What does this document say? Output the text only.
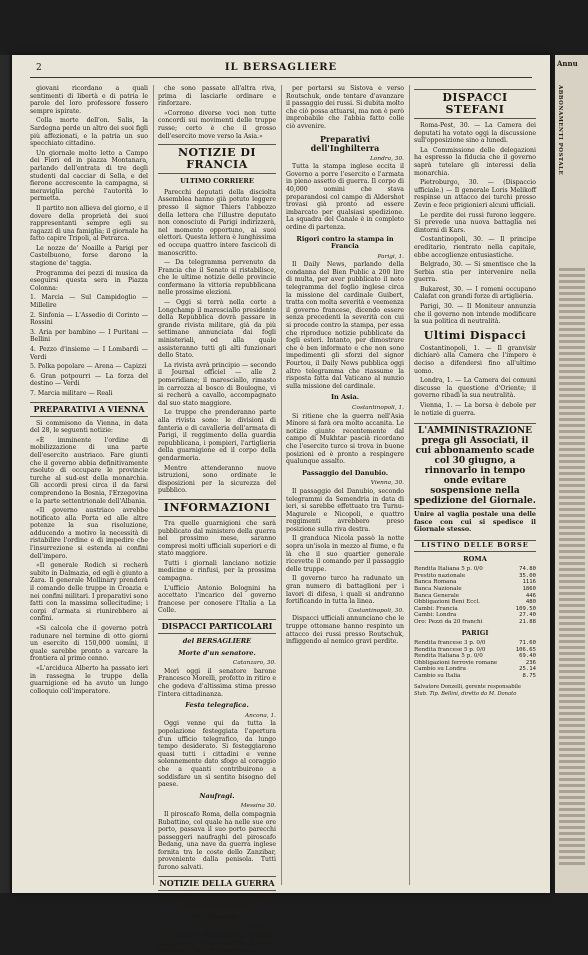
2	IL BERSAGLIERE

giovani ricordano a quali sentimenti di libertà e di patria le parole del loro professore fossero sempre ispirate.

Colla morte dell'on. Salis, la Sardegna perde un altro dei suoi figli più affezionati, e la patria un suo specchiato cittadino.

Un giornale molto letto a Campo dei Fiori ed in piazza Montanara, parlando dell'entrata di tre degli studenti dal cacciar di Sella, e del fierone accrescente la campagna, si meraviglia perchè l'autorità lo permetta.

Il partito non allieva del giorno, e il dovere della proprietà dei suoi rappresentanti sempre egli su ragazzi di una famiglia; il giornale ha fatto capire Tripoli, al Petrarca.

Le nozze de' Noaille a Parigi per Castelbuono, forse darono la stagione de' taggia.

Programma dei pezzi di musica da eseguirsi questa sera in Piazza Colonna:

1. Marcia — Sul Campidoglio — Millelire

2. Sinfonia — L'Assedio di Corinto — Rossini

3. Aria per bambino — I Puritani — Bellini

4. Pezzo d'insieme — I Lombardi — Verdi

5. Polka popolare — Arena — Capizzi

6. Gran potpourri — La forza del destino — Verdi

7. Marcia militare — Reali

PREPARATIVI A VIENNA

Si commisono da Vienna, in data del 28, le seguenti notizie:

«È imminente l'ordine di mobilizzazione di una parte dell'esercito austriaco. Fare giunti che il governo abbia definitivamente risoluto di occupare le provincie turche al sud-est della monarchia. Gli accordi presi circa il da farsi comprendono la Bosnia, l'Erzegovina e la parte settentrionale dell'Albania.

«Il governo austriaco avrebbe notificato alla Porta ed alle altre potenze la sua risoluzione, adducendo a motivo la necessità di ristabilire l'ordine e di impedire che l'insurrezione si estenda ai confini dell'impero.

«Il generale Rodich si recherà subito in Dalmazia, ed egli è giunto a Zara. Il generale Mollinary prenderà il comando delle truppe in Croazia e nei confini militari. I preparativi sono fatti con la massima sollecitudine; i corpi d'armata si riunirebbero ai confini.

«Si calcola che il governo potrà radunare nel termine di otto giorni un esercito di 150,000 uomini, il quale sarebbe pronto a varcare la frontiera al primo cenno.

«L'arciduca Alberto ha passato ieri in rassegna le truppe della guarnigione ed ha avuto un lungo colloquio coll'imperatore.

che sono passate all'altra riva, prima di lasciarle ordinare e rinforzare.

«Corrono diverse voci non tutte concordi sui movimenti delle truppe russe; certo è che il grosso dell'esercito move verso la Asia.»

NOTIZIE DI FRANCIA
ULTIMO CORRIERE

Parecchi deputati della disciolta Assemblea hanno già potuto leggere presso il signor Thiers l'abbozzo della lettera che l'illustre deputato non conosciuto di Parigi indirizzerà, nel momento opportuno, ai suoi elettori. Questa lettera è lunghissima ed occupa quattro intere fascicoli di manoscritto.

— Da telegramma pervenuto da Francia che il Senato si ristabilisce, che le ultime notizie delle provincie confermano la vittoria repubblicana nelle prossime elezioni.

— Oggi si terrà nella corte a Longchamp il maresciallo presidente della Repubblica dovrà passare in grande rivista militare, già da più settimane annunciata dai fogli ministeriali, ed alla quale assisteranno tutti gli alti funzionari dello Stato.

La rivista avrà principio — secondo il Journal officiel — alle 2 pomeridiane; il maresciallo, rimasto in carrozza al bosco di Boulogne, vi si recherà a cavallo, accompagnato dal suo stato maggiore.

Le truppe che prenderanno parte alla rivista sono: le divisioni di fanteria e di cavalleria dell'armata di Parigi, il reggimento della guardia repubblicana, i pompieri, l'artiglieria della guarnigione ed il corpo della gendarmeria.

Mentre attenderanno nuove istruzioni, sono ordinate le disposizioni per la sicurezza del pubblico.

INFORMAZIONI

Tra quelle guarnigioni che sarà pubblicato dal ministero della guerra nel prossimo mese, saranno compresi molti ufficiali superiori e di stato maggiore.

Tutti i giornali lanciano notizie medicine e rinfusi, per la prossima campagna.

L'ufficio Antonio Bolognini ha accettato l'incarico del governo francese per conosere l'Italia a La Colle.

DISPACCI PARTICOLARI
del BERSAGLIERE
Morte d'un senatore.

Catanzaro, 30.

Morì oggi il senatore barone Francesco Morelli, profetto in ritiro e che godeva d'altissima stima presso l'intera cittadinanza.

Festa telegrafica.

Ancona, 1.

Oggi venne qui da tutta la popolazione festeggiata l'apertura d'un ufficio telegrafico, da lungo tempo desiderato. Si festeggiarono quasi tutti i cittadini e venne solennemente dato sfogo al coraggio che a quanti contribuirono a soddisfare un sì sentito bisogno del paese.

Naufragi.

Messina 30.

Il piroscafo Roma, della compagnia Rubattino, col quale ha nelle sue ore porto, passava il suo porto parecchi passeggeri naufraghi del piroscafo Bedang, una nave da guerra inglese fornita tra le coste dello Zanzibar, proveniente dalla penisola. Tutti furono salvati.

NOTIZIE DELLA GUERRA
(Servizio telegrafico particolare del Bersagliere)
Sul Danubio.

Vienna, 1.

Da tutte le stazioni della Bulgaria giungono a Vienna notizie di nuovi movimenti delle truppe russe.

per portarsi su Sistova e verso Routschuk, onde tentare d'avanzare il passaggio dei russi. Si dubita molto che ciò possa attuarsi, ma non è però improbabile che l'abbia fatto colle ciò avvenire.

Preparativi dell'Inghilterra

Londra, 30.

Tutta la stampa inglese eccita il Governo a porre l'esercito e l'armata in pieno assetto di guerra. Il corpo di 40,000 uomini che stava preparandosi col campo di Aldershot trovasi già pronto ad essere imbarcato per qualsiasi spedizione. La squadra del Canale è in completo ordine di partenza.

Rigori contro la stampa in Francia

Parigi, 1.

Il Daily News, parlando della condanna del Bien Public a 200 lire di multa, per aver pubblicato il noto telegramma del foglio inglese circa la missione del cardinale Guibert, tratta con molta severità e veemenza il governo francese, dicendo essere senza precedenti la severità con cui si procede contro la stampa, per essa che riproduce notizie pubblicate da fogli esteri. Intanto, per dimostrare che è ben informato e che non sono impedimenti gli sforzi del signor Fourtou, il Daily News pubblica oggi altro telegramma che riassume la risposta fatta dal Vaticano al nunzio sulla missione del cardinale.

In Asia.

Costantinopoli, 1.

Si ritiene che la guerra nell'Asia Minore si farà ora molto accanita. Le notizie giunte recentemente dal campo di Mukhtar pascià ricordano che l'esercito turco si trova in buone posizioni ed è pronto a respingere qualunque assalto.

Passaggio del Danubio.

Vienna, 30.

Il passaggio del Danubio, secondo telegrammi da Semendria in data di ieri, si sarebbe effettuato tra Turnu-Magurele e Nicopoli, e quattro reggimenti avrebbero preso posizione sulla riva destra.

Il granduca Nicola passò la notte sopra un'isola in mezzo al fiume, e fu là che il suo quartier generale ricevette il comando per il passaggio delle truppe.

Il governo turco ha radunato un gran numero di battaglioni per i lavori di difesa, i quali si andranno fortificando in tutta la linea.

Costantinopoli, 30.

Dispacci ufficiali annunciano che le truppe ottomane hanno respinto un attacco dei russi presso Routschuk, infliggendo al nemico gravi perdite.

DISPACCI STEFANI

Roma-Pest, 30. — La Camera dei deputati ha votato oggi la discussione sull'opposizione sino a lunedì.

La Commissione delle delegazioni ha espresso la fiducia che il governo saprà tutelare gli interessi della monarchia.

Pietroburgo, 30. — (Dispaccio ufficiale.) — Il generale Loris Melikoff respinse un attacco dei turchi presso Zevin e fece prigionieri alcuni ufficiali.

Le perdite dei russi furono leggere. Si prevede una nuova battaglia nei dintorni di Kars.

Costantinopoli, 30. — Il principe ereditario, rientrato nella capitale, ebbe accoglienze entusiastiche.

Belgrado, 30. — Si smentisce che la Serbia stia per intervenire nella guerra.

Bukarest, 30. — I romeni occupano Calafat con grandi forze di artiglieria.

Parigi, 30. — Il Moniteur annunzia che il governo non intende modificare la sua politica di neutralità.

Ultimi Dispacci

Costantinopoli, 1. — Il granvisir dichiarò alla Camera che l'impero è deciso a difendersi fino all'ultimo uomo.

Londra, 1. — La Camera dei comuni discusse la questione d'Oriente; il governo ribadì la sua neutralità.

Vienna, 1. — La borsa è debole per le notizie di guerra.

L'AMMINISTRAZIONE prega gli Associati, il cui abbonamento scade col 30 giugno, a rinnovarlo in tempo onde evitare sospensione nella spedizione del Giornale.
Unire al vaglia postale una delle fasce con cui si spedisce il Giornale stesso.
LISTINO DELLE BORSE
ROMA
Rendita Italiana 5 p. 0/0	74.80
Prestito nazionale	35.00
Banca Romana	1116
Banca Nazionale	1860
Banca Generale	446
Obbligazioni Beni Eccl.	480
Cambi: Francia	109.50
Cambi: Londra	27.40
Oro: Pezzi da 20 franchi	21.88
PARIGI
Rendita francese 3 p. 0/0	71.60
Rendita francese 5 p. 0/0	106.65
Rendita Italiana 5 p. 0/0	69.40
Obbligazioni ferrovie romane	236
Cambio su Londra	25.14
Cambio su Italia	8.75
Salvatore Donzelli, gerente responsabile
Stab. Tip. Bellini, diretto da M. Donato
Annu
ABBONAMENTI POSTALE
